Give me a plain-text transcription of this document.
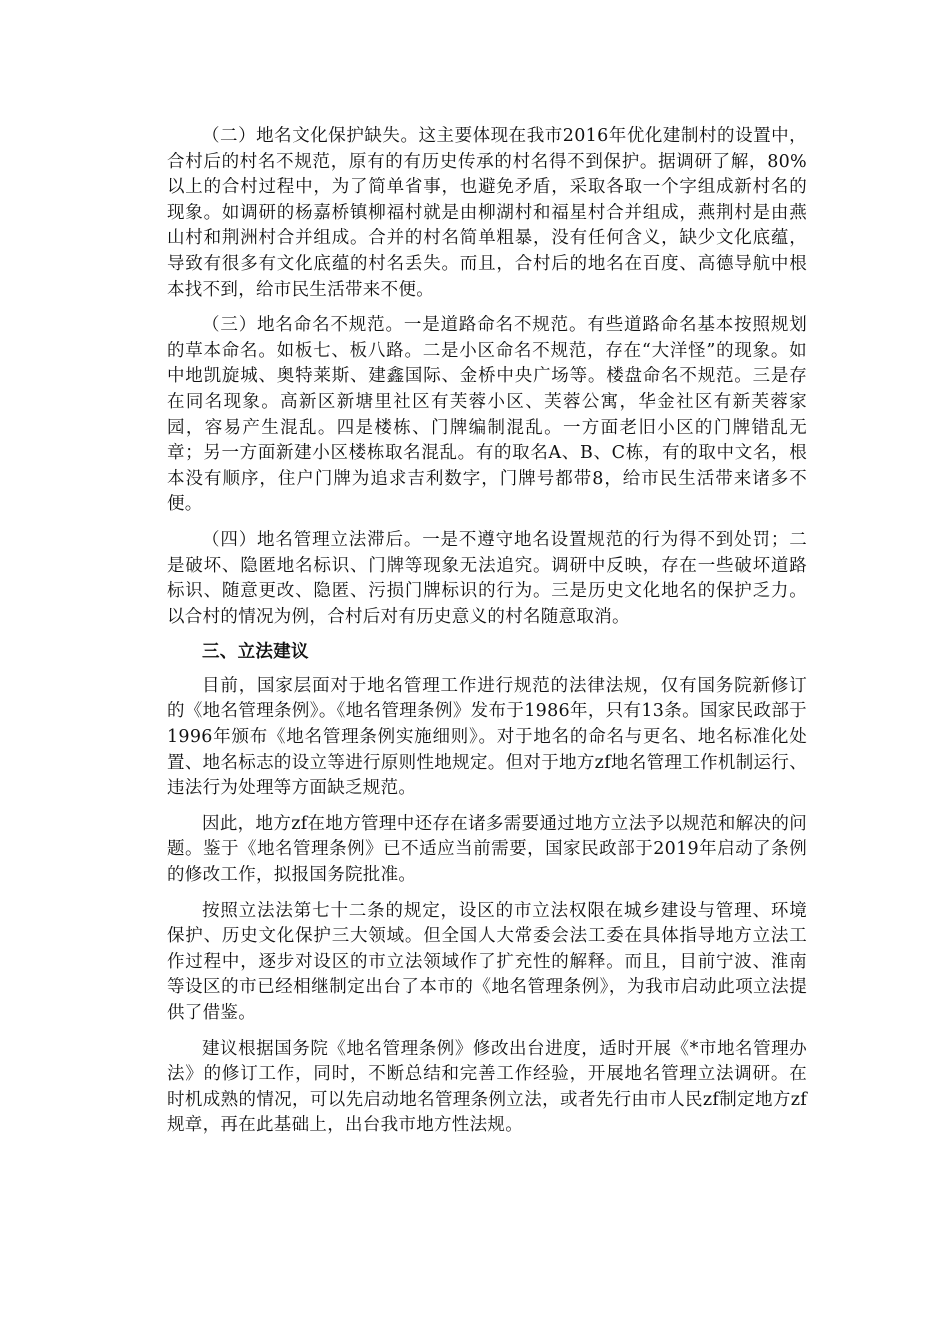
（二）地名文化保护缺失。这主要体现在我市2016年优化建制村的设置中，合村后的村名不规范，原有的有历史传承的村名得不到保护。据调研了解，80%以上的合村过程中，为了简单省事，也避免矛盾，采取各取一个字组成新村名的现象。如调研的杨嘉桥镇柳福村就是由柳湖村和福星村合并组成，燕荆村是由燕山村和荆洲村合并组成。合并的村名简单粗暴，没有任何含义，缺少文化底蕴，导致有很多有文化底蕴的村名丢失。而且，合村后的地名在百度、高德导航中根本找不到，给市民生活带来不便。

（三）地名命名不规范。一是道路命名不规范。有些道路命名基本按照规划的草本命名。如板七、板八路。二是小区命名不规范，存在“大洋怪”的现象。如中地凯旋城、奥特莱斯、建鑫国际、金桥中央广场等。楼盘命名不规范。三是存在同名现象。高新区新塘里社区有芙蓉小区、芙蓉公寓，华金社区有新芙蓉家园，容易产生混乱。四是楼栋、门牌编制混乱。一方面老旧小区的门牌错乱无章；另一方面新建小区楼栋取名混乱。有的取名A、B、C栋，有的取中文名，根本没有顺序，住户门牌为追求吉利数字，门牌号都带8，给市民生活带来诸多不便。

（四）地名管理立法滞后。一是不遵守地名设置规范的行为得不到处罚；二是破坏、隐匿地名标识、门牌等现象无法追究。调研中反映，存在一些破坏道路标识、随意更改、隐匿、污损门牌标识的行为。三是历史文化地名的保护乏力。以合村的情况为例，合村后对有历史意义的村名随意取消。

三、立法建议

目前，国家层面对于地名管理工作进行规范的法律法规，仅有国务院新修订的《地名管理条例》。《地名管理条例》发布于1986年，只有13条。国家民政部于1996年颁布《地名管理条例实施细则》。对于地名的命名与更名、地名标准化处置、地名标志的设立等进行原则性地规定。但对于地方zf地名管理工作机制运行、违法行为处理等方面缺乏规范。

因此，地方zf在地方管理中还存在诸多需要通过地方立法予以规范和解决的问题。鉴于《地名管理条例》已不适应当前需要，国家民政部于2019年启动了条例的修改工作，拟报国务院批准。

按照立法法第七十二条的规定，设区的市立法权限在城乡建设与管理、环境保护、历史文化保护三大领域。但全国人大常委会法工委在具体指导地方立法工作过程中，逐步对设区的市立法领域作了扩充性的解释。而且，目前宁波、淮南等设区的市已经相继制定出台了本市的《地名管理条例》，为我市启动此项立法提供了借鉴。

建议根据国务院《地名管理条例》修改出台进度，适时开展《*市地名管理办法》的修订工作，同时，不断总结和完善工作经验，开展地名管理立法调研。在时机成熟的情况，可以先启动地名管理条例立法，或者先行由市人民zf制定地方zf规章，再在此基础上，出台我市地方性法规。
